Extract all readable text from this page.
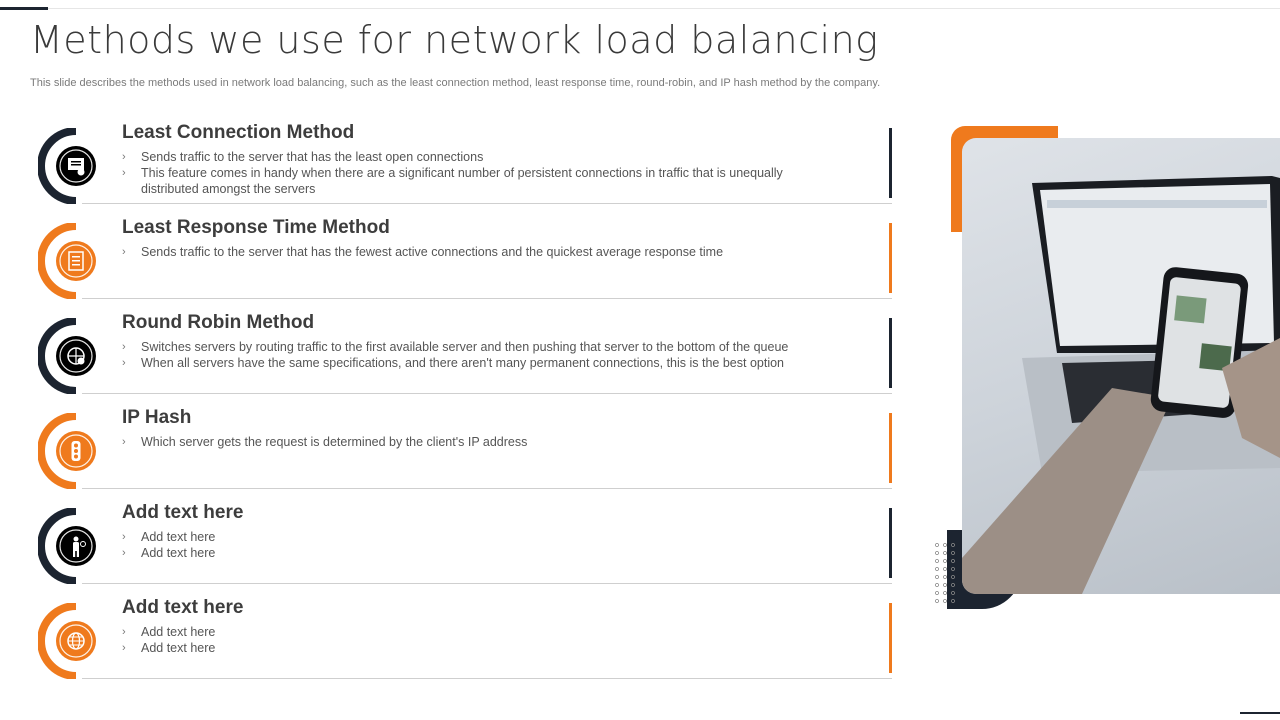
Methods we use for network load balancing
This slide describes the methods used in network load balancing, such as the least connection method, least response time, round-robin, and IP hash method by the company.
Least Connection Method
› Sends traffic to the server that has the least open connections
› This feature comes in handy when there are a significant number of persistent connections in traffic that is unequally distributed amongst the servers
Least Response Time Method
› Sends traffic to the server that has the fewest active connections and the quickest average response time
Round Robin Method
› Switches servers by routing traffic to the first available server and then pushing that server to the bottom of the queue
› When all servers have the same specifications, and there aren't many permanent connections, this is the best option
IP Hash
› Which server gets the request is determined by the client's IP address
Add text here
› Add text here
› Add text here
Add text here
› Add text here
› Add text here
